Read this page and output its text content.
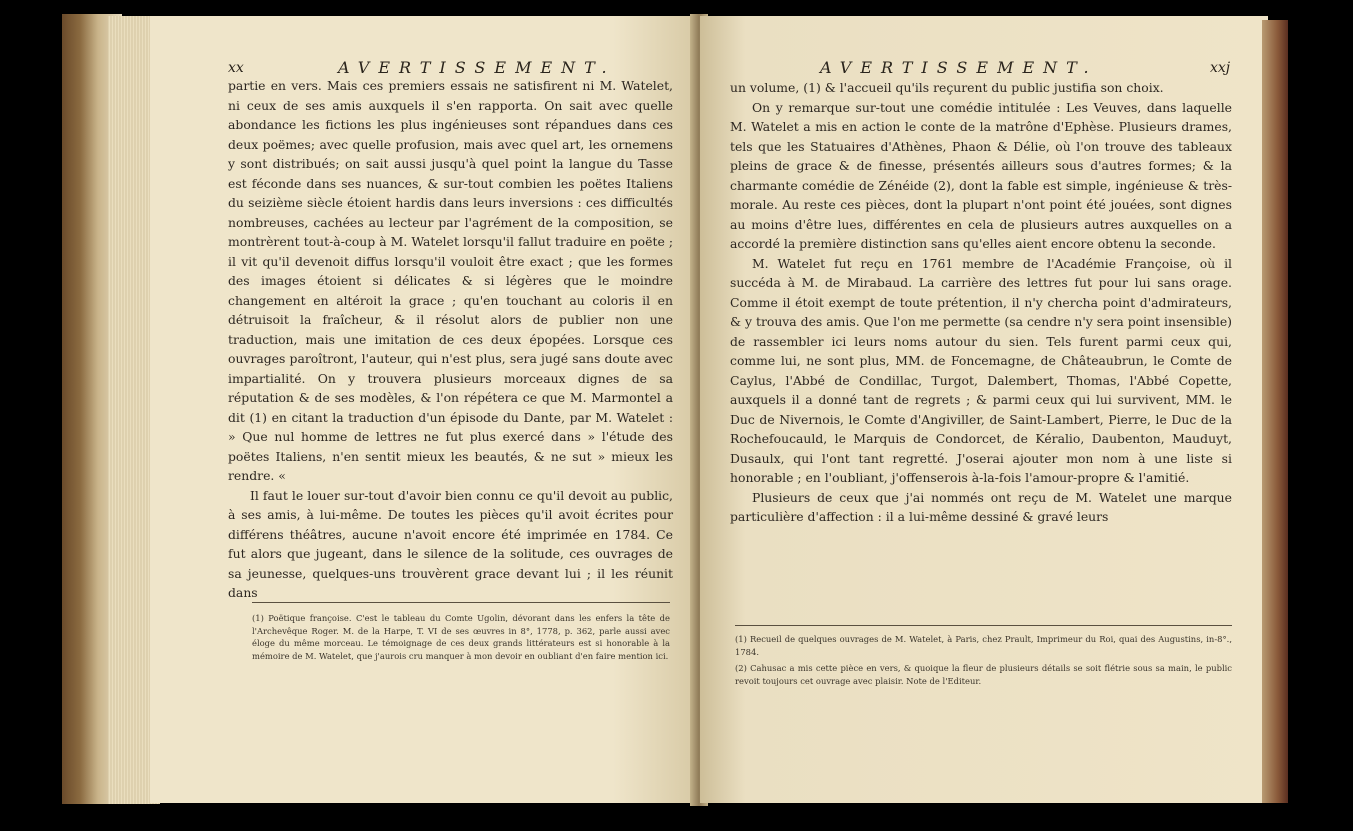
xx	AVERTISSEMENT.

partie en vers. Mais ces premiers essais ne satisfirent ni M. Watelet, ni ceux de ses amis auxquels il s'en rapporta. On sait avec quelle abondance les fictions les plus ingénieuses sont répandues dans ces deux poëmes; avec quelle profusion, mais avec quel art, les ornemens y sont distribués; on sait aussi jusqu'à quel point la langue du Tasse est féconde dans ses nuances, & sur-tout combien les poëtes Italiens du seizième siècle étoient hardis dans leurs inversions : ces difficultés nombreuses, cachées au lecteur par l'agrément de la composition, se montrèrent tout-à-coup à M. Watelet lorsqu'il fallut traduire en poëte ; il vit qu'il devenoit diffus lorsqu'il vouloit être exact ; que les formes des images étoient si délicates & si légères que le moindre changement en altéroit la grace ; qu'en touchant au coloris il en détruisoit la fraîcheur, & il résolut alors de publier non une traduction, mais une imitation de ces deux épopées. Lorsque ces ouvrages paroîtront, l'auteur, qui n'est plus, sera jugé sans doute avec impartialité. On y trouvera plusieurs morceaux dignes de sa réputation & de ses modèles, & l'on répétera ce que M. Marmontel a dit (1) en citant la traduction d'un épisode du Dante, par M. Watelet : » Que nul homme de lettres ne fut plus exercé dans » l'étude des poëtes Italiens, n'en sentit mieux les beautés, & ne sut » mieux les rendre. «

Il faut le louer sur-tout d'avoir bien connu ce qu'il devoit au public, à ses amis, à lui-même. De toutes les pièces qu'il avoit écrites pour différens théâtres, aucune n'avoit encore été imprimée en 1784. Ce fut alors que jugeant, dans le silence de la solitude, ces ouvrages de sa jeunesse, quelques-uns trouvèrent grace devant lui ; il les réunit dans

(1) Poëtique françoise. C'est le tableau du Comte Ugolin, dévorant dans les enfers la tête de l'Archevêque Roger. M. de la Harpe, T. VI de ses œuvres in 8°, 1778, p. 362, parle aussi avec éloge du même morceau. Le témoignage de ces deux grands littérateurs est si honorable à la mémoire de M. Watelet, que j'aurois cru manquer à mon devoir en oubliant d'en faire mention ici.

AVERTISSEMENT.	xxj

un volume, (1) & l'accueil qu'ils reçurent du public justifia son choix.

On y remarque sur-tout une comédie intitulée : Les Veuves, dans laquelle M. Watelet a mis en action le conte de la matrône d'Ephèse. Plusieurs drames, tels que les Statuaires d'Athènes, Phaon & Délie, où l'on trouve des tableaux pleins de grace & de finesse, présentés ailleurs sous d'autres formes; & la charmante comédie de Zénéide (2), dont la fable est simple, ingénieuse & très-morale. Au reste ces pièces, dont la plupart n'ont point été jouées, sont dignes au moins d'être lues, différentes en cela de plusieurs autres auxquelles on a accordé la première distinction sans qu'elles aient encore obtenu la seconde.

M. Watelet fut reçu en 1761 membre de l'Académie Françoise, où il succéda à M. de Mirabaud. La carrière des lettres fut pour lui sans orage. Comme il étoit exempt de toute prétention, il n'y chercha point d'admirateurs, & y trouva des amis. Que l'on me permette (sa cendre n'y sera point insensible) de rassembler ici leurs noms autour du sien. Tels furent parmi ceux qui, comme lui, ne sont plus, MM. de Foncemagne, de Châteaubrun, le Comte de Caylus, l'Abbé de Condillac, Turgot, Dalembert, Thomas, l'Abbé Copette, auxquels il a donné tant de regrets ; & parmi ceux qui lui survivent, MM. le Duc de Nivernois, le Comte d'Angiviller, de Saint-Lambert, Pierre, le Duc de la Rochefoucauld, le Marquis de Condorcet, de Kéralio, Daubenton, Mauduyt, Dusaulx, qui l'ont tant regretté. J'oserai ajouter mon nom à une liste si honorable ; en l'oubliant, j'offenserois à-la-fois l'amour-propre & l'amitié.

Plusieurs de ceux que j'ai nommés ont reçu de M. Watelet une marque particulière d'affection : il a lui-même dessiné & gravé leurs

(1) Recueil de quelques ouvrages de M. Watelet, à Paris, chez Prault, Imprimeur du Roi, quai des Augustins, in-8°., 1784.

(2) Cahusac a mis cette pièce en vers, & quoique la fleur de plusieurs détails se soit flétrie sous sa main, le public revoit toujours cet ouvrage avec plaisir. Note de l'Editeur.
